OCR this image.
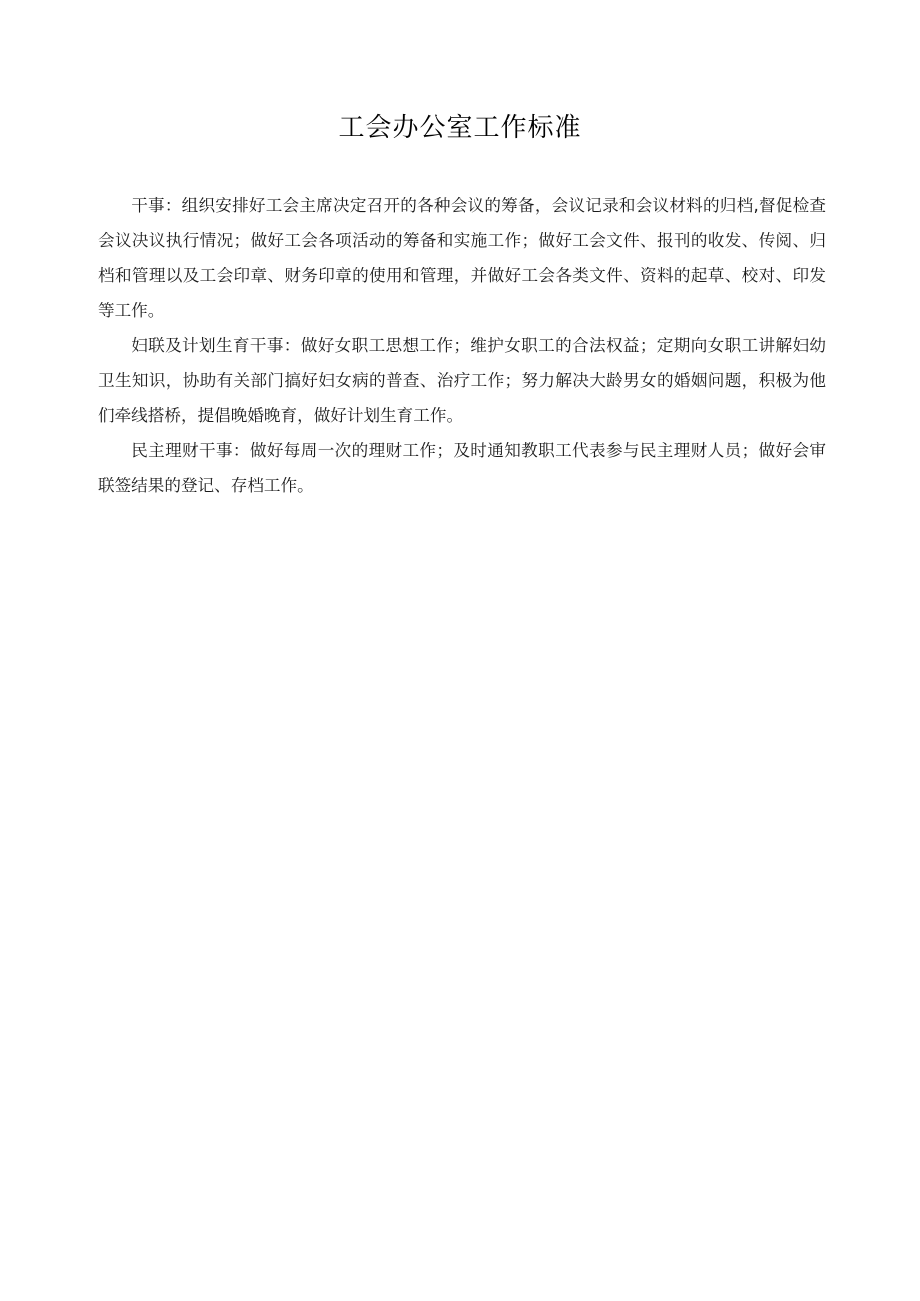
工会办公室工作标准

干事：组织安排好工会主席决定召开的各种会议的筹备，会议记录和会议材料的归档,督促检查会议决议执行情况；做好工会各项活动的筹备和实施工作；做好工会文件、报刊的收发、传阅、归档和管理以及工会印章、财务印章的使用和管理，并做好工会各类文件、资料的起草、校对、印发等工作。

妇联及计划生育干事：做好女职工思想工作；维护女职工的合法权益；定期向女职工讲解妇幼卫生知识，协助有关部门搞好妇女病的普查、治疗工作；努力解决大龄男女的婚姻问题，积极为他们牵线搭桥，提倡晚婚晚育，做好计划生育工作。

民主理财干事：做好每周一次的理财工作；及时通知教职工代表参与民主理财人员；做好会审联签结果的登记、存档工作。
